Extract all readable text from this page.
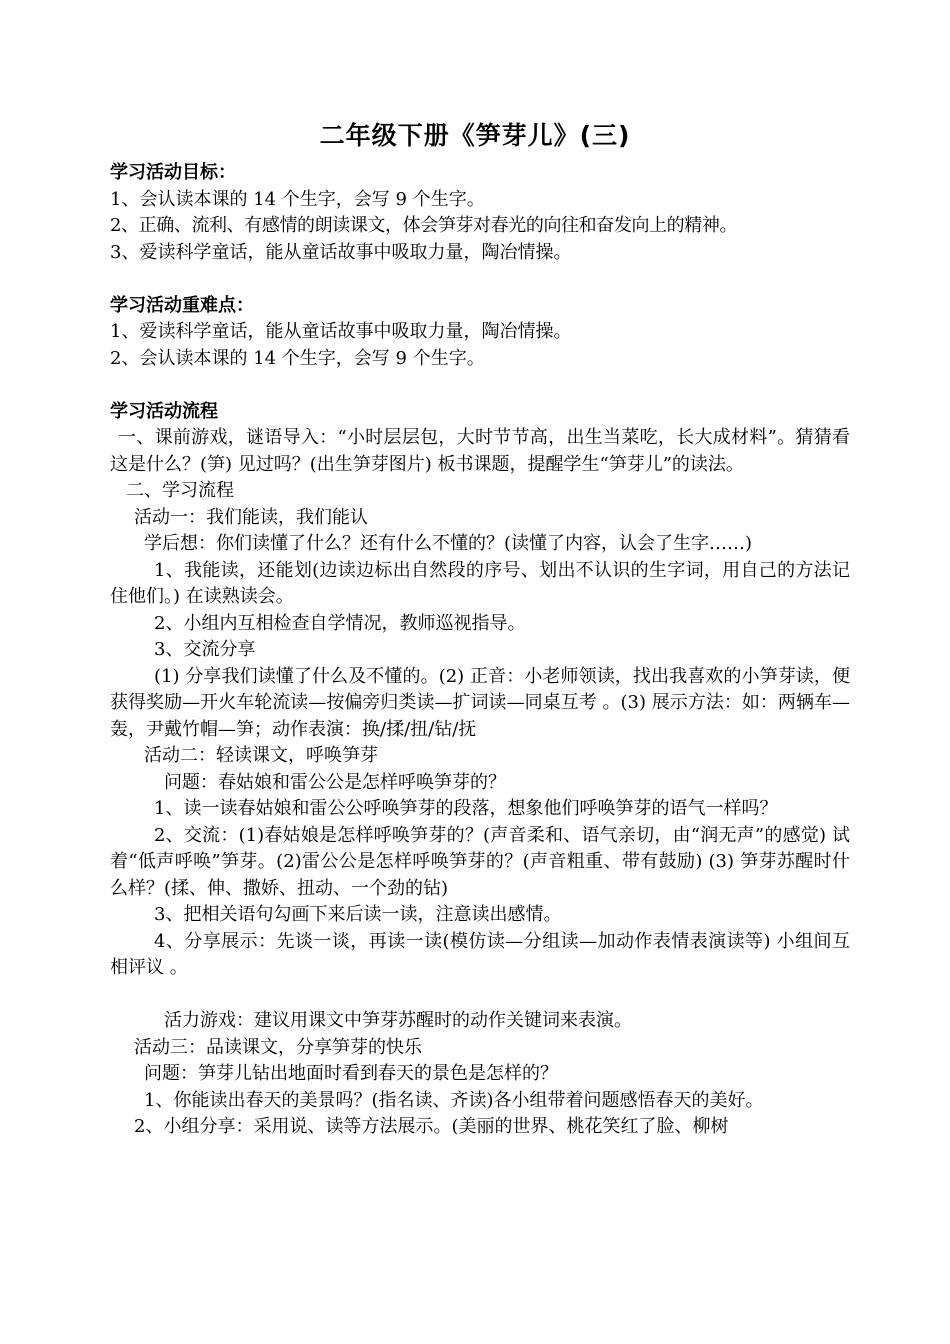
二年级下册《笋芽儿》(三)

学习活动目标：

1、会认读本课的 14 个生字，会写 9 个生字。

2、正确、流利、有感情的朗读课文，体会笋芽对春光的向往和奋发向上的精神。

3、爱读科学童话，能从童话故事中吸取力量，陶冶情操。

学习活动重难点：

1、爱读科学童话，能从童话故事中吸取力量，陶冶情操。

2、会认读本课的 14 个生字，会写 9 个生字。

学习活动流程

一、课前游戏，谜语导入：“小时层层包，大时节节高，出生当菜吃，长大成材料”。猜猜看这是什么？(笋) 见过吗？(出生笋芽图片) 板书课题，提醒学生“笋芽儿”的读法。

二、学习流程

活动一：我们能读，我们能认

学后想：你们读懂了什么？还有什么不懂的？(读懂了内容，认会了生字……)

1、我能读，还能划(边读边标出自然段的序号、划出不认识的生字词，用自己的方法记住他们。) 在读熟读会。

2、小组内互相检查自学情况，教师巡视指导。

3、交流分享

(1) 分享我们读懂了什么及不懂的。(2) 正音：小老师领读，找出我喜欢的小笋芽读，便获得奖励—开火车轮流读—按偏旁归类读—扩词读—同桌互考 。(3) 展示方法：如：两辆车—轰，尹戴竹帽—笋；动作表演：换/揉/扭/钻/抚

活动二：轻读课文，呼唤笋芽

问题：春姑娘和雷公公是怎样呼唤笋芽的？

1、读一读春姑娘和雷公公呼唤笋芽的段落，想象他们呼唤笋芽的语气一样吗？

2、交流：(1)春姑娘是怎样呼唤笋芽的？(声音柔和、语气亲切，由“润无声”的感觉) 试着“低声呼唤”笋芽。(2)雷公公是怎样呼唤笋芽的？(声音粗重、带有鼓励) (3) 笋芽苏醒时什么样？(揉、伸、撒娇、扭动、一个劲的钻)

3、把相关语句勾画下来后读一读，注意读出感情。

4、分享展示：先谈一谈，再读一读(模仿读—分组读—加动作表情表演读等) 小组间互相评议 。

活力游戏：建议用课文中笋芽苏醒时的动作关键词来表演。

活动三：品读课文，分享笋芽的快乐

问题：笋芽儿钻出地面时看到春天的景色是怎样的？

1、你能读出春天的美景吗？(指名读、齐读)各小组带着问题感悟春天的美好。

2、小组分享：采用说、读等方法展示。(美丽的世界、桃花笑红了脸、柳树
